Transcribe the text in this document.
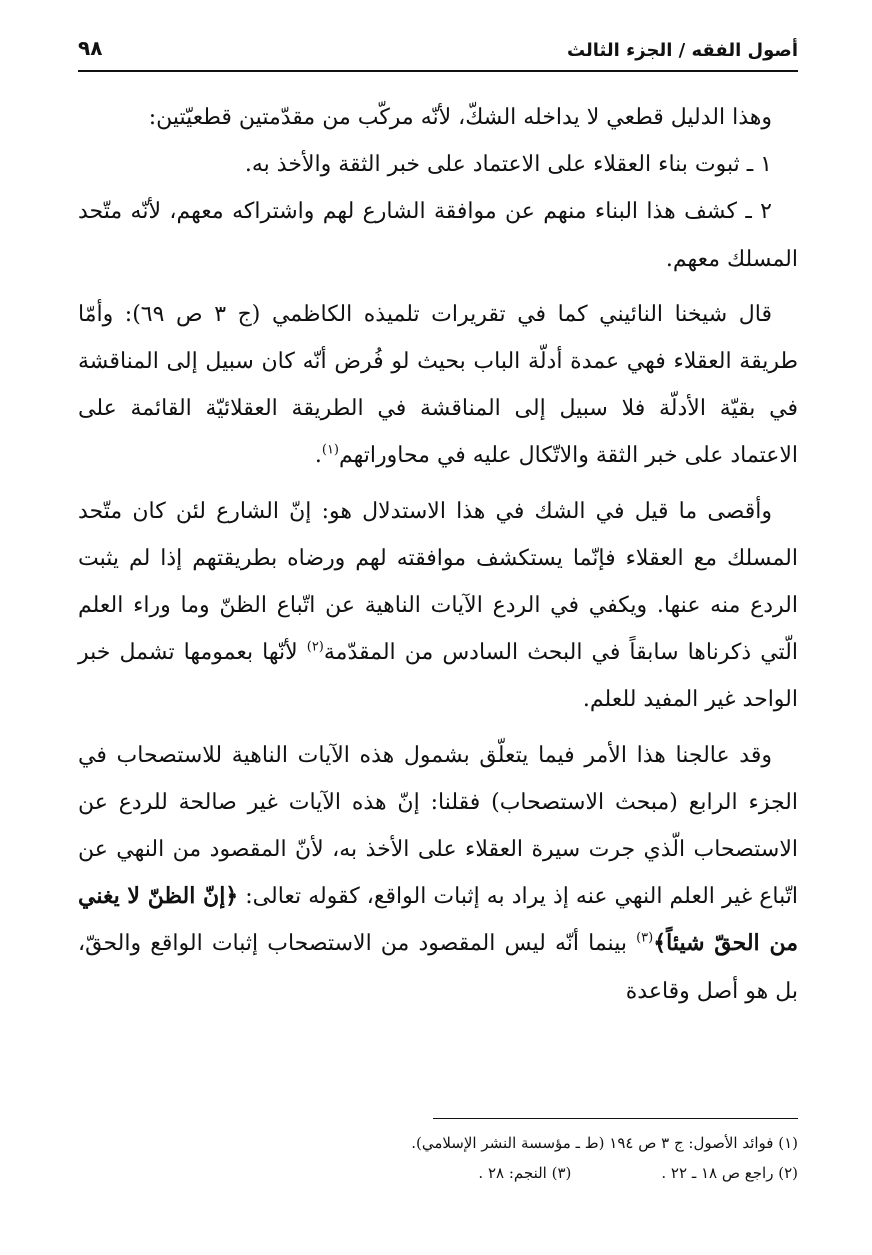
أصول الفقه / الجزء الثالث
٩٨

وهذا الدليل قطعي لا يداخله الشكّ، لأنّه مركّب من مقدّمتين قطعيّتين:

١ ـ ثبوت بناء العقلاء على الاعتماد على خبر الثقة والأخذ به.

٢ ـ كشف هذا البناء منهم عن موافقة الشارع لهم واشتراكه معهم، لأنّه متّحد المسلك معهم.

قال شيخنا النائيني‏ كما في تقريرات تلميذه الكاظمي‏ (ج ٣ ص ٦٩): وأمّا طريقة العقلاء فهي عمدة أدلّة الباب بحيث لو فُرض أنّه كان سبيل إلى المناقشة في بقيّة الأدلّة فلا سبيل إلى المناقشة في الطريقة العقلائيّة القائمة على الاعتماد على خبر الثقة والاتّكال عليه في محاوراتهم$^{(١)}$.

وأقصى ما قيل في الشك في هذا الاستدلال هو: إنّ الشارع لئن كان متّحد المسلك مع العقلاء فإنّما يستكشف موافقته لهم ورضاه بطريقتهم إذا لم يثبت الردع منه عنها. ويكفي في الردع الآيات الناهية عن اتّباع الظنّ وما وراء العلم الّتي ذكرناها سابقاً في البحث السادس من المقدّمة$^{(٢)}$ لأنّها بعمومها تشمل خبر الواحد غير المفيد للعلم.

وقد عالجنا هذا الأمر فيما يتعلّق بشمول هذه الآيات الناهية للاستصحاب في الجزء الرابع (مبحث الاستصحاب) فقلنا: إنّ هذه الآيات غير صالحة للردع عن الاستصحاب الّذي جرت سيرة العقلاء على الأخذ به، لأنّ المقصود من النهي عن اتّباع غير العلم النهي عنه إذ يراد به إثبات الواقع، كقوله تعالى: ﴿إنّ الظنّ لا يغني من الحقّ شيئاً﴾$^{(٣)}$ بينما أنّه ليس المقصود من الاستصحاب إثبات الواقع والحقّ، بل هو أصل وقاعدة

(١) فوائد الأصول: ج ٣ ص ١٩٤ (ط ـ مؤسسة النشر الإسلامي).
(٢) راجع ص ١٨ ـ ٢٢ .
(٣) النجم: ٢٨ .
